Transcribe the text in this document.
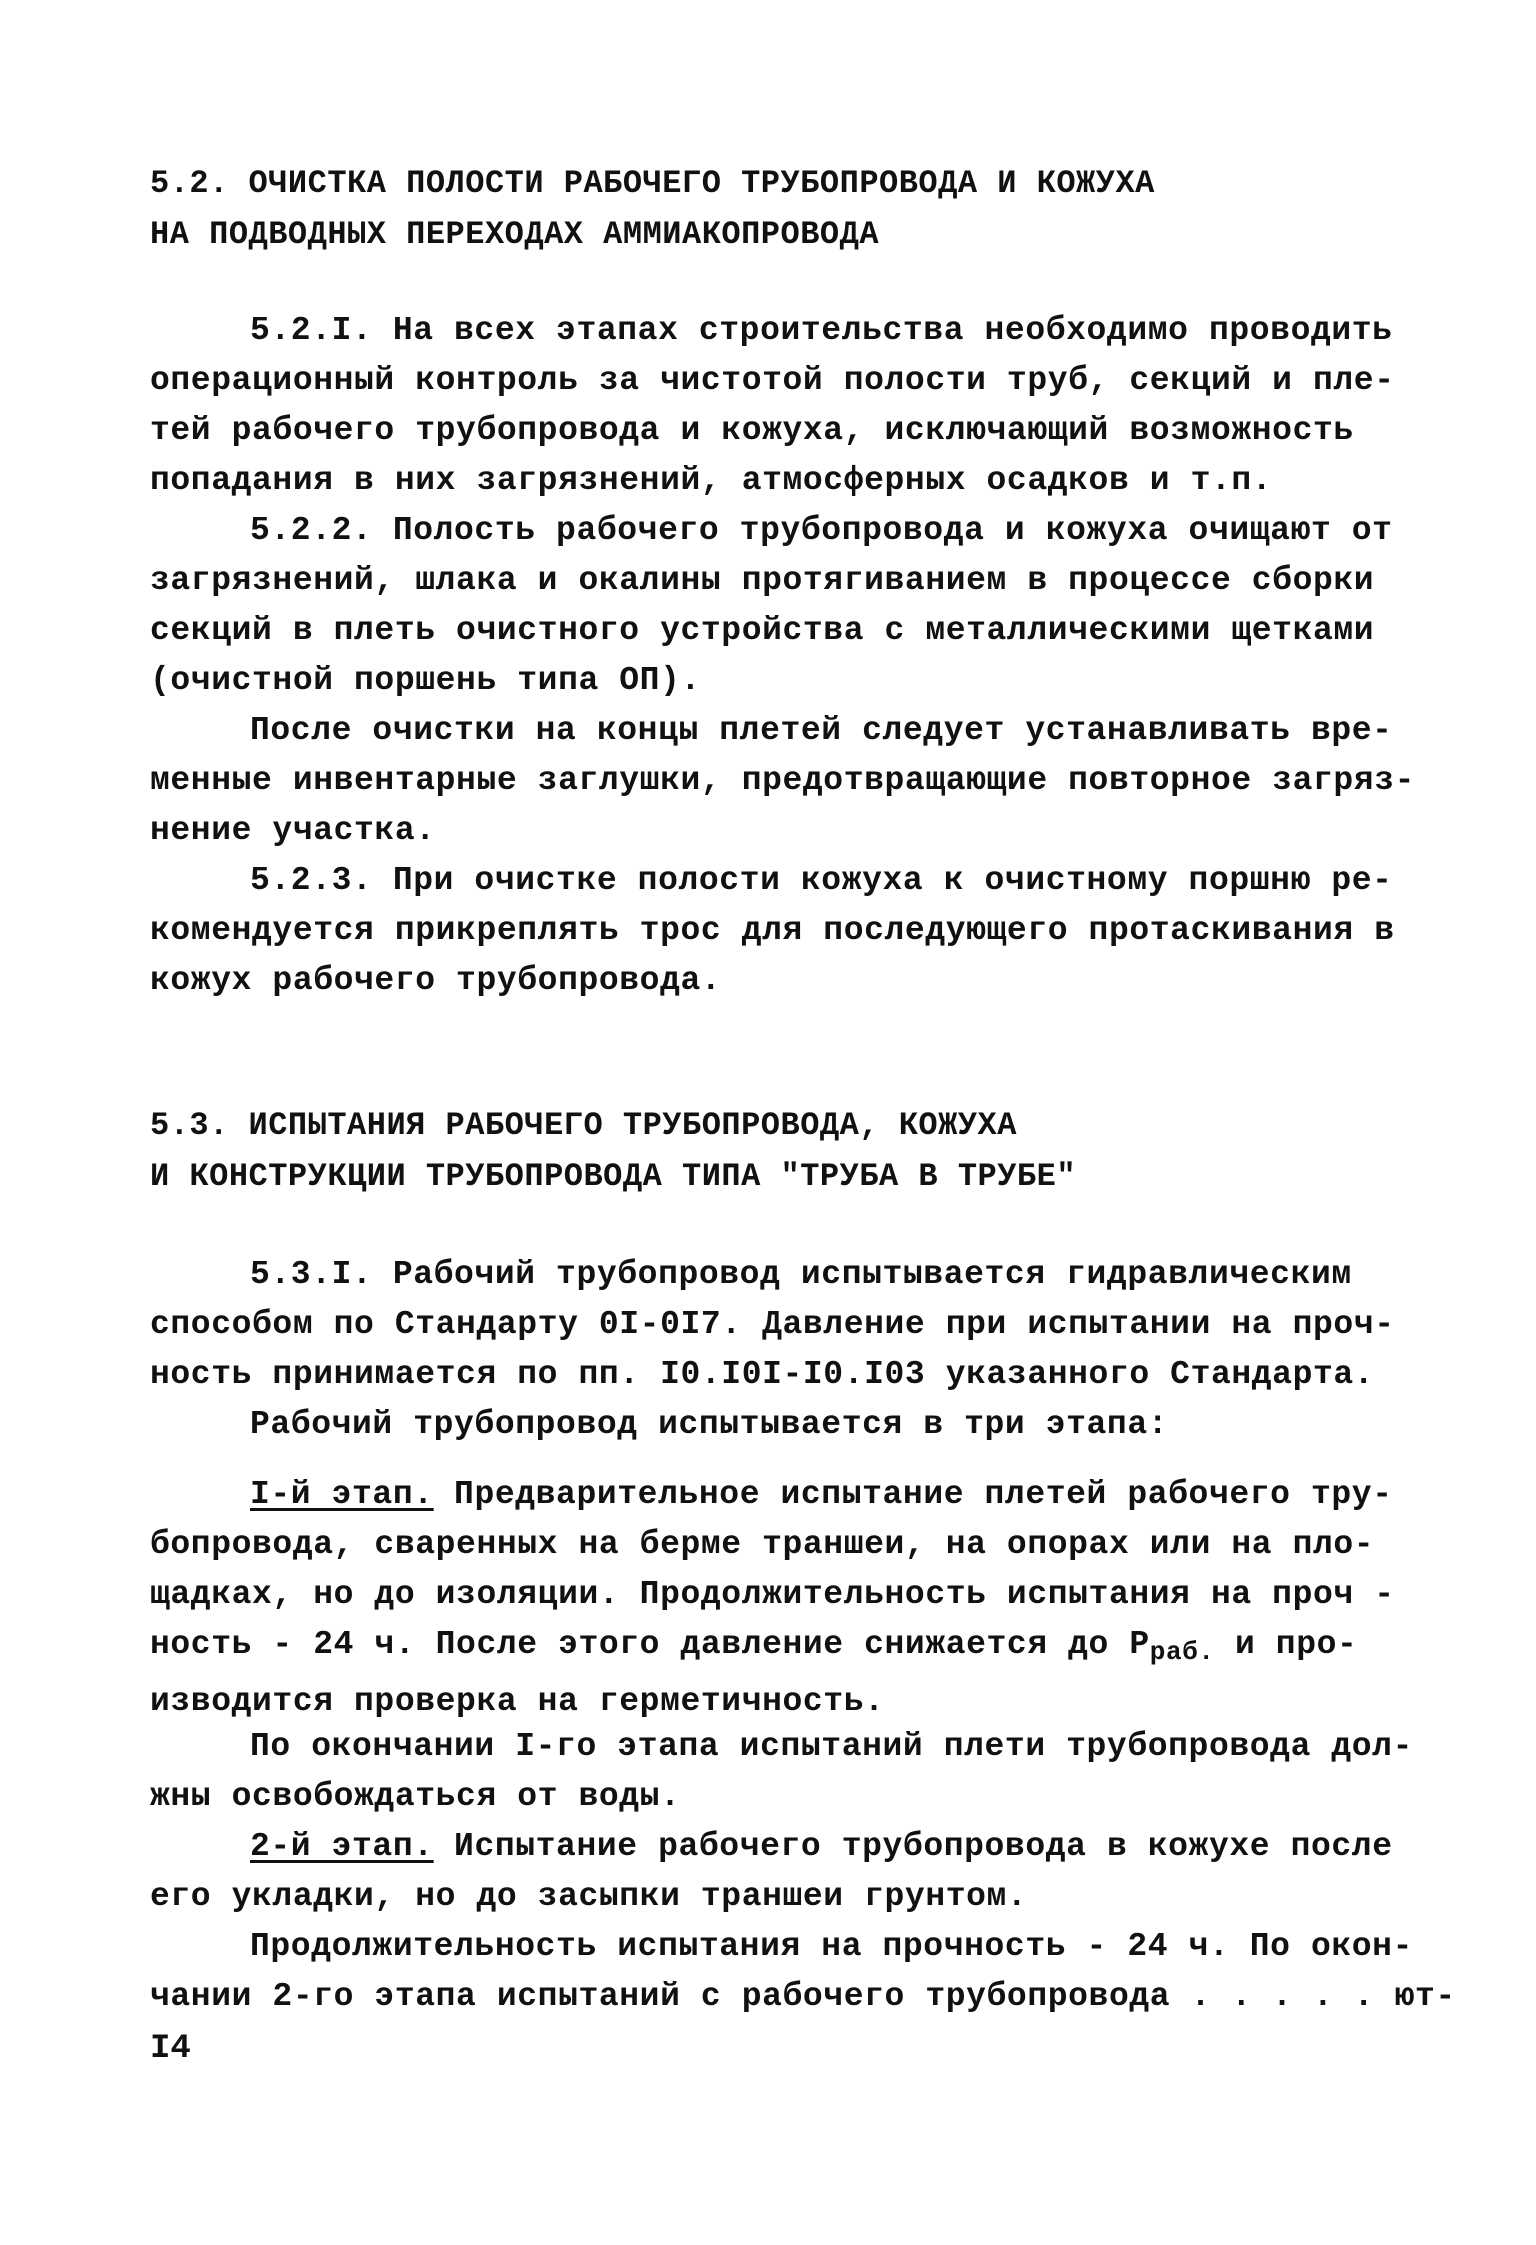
5.2. ОЧИСТКА ПОЛОСТИ РАБОЧЕГО ТРУБОПРОВОДА И КОЖУХА
НА ПОДВОДНЫХ ПЕРЕХОДАХ АММИАКОПРОВОДА
5.2.I. На всех этапах строительства необходимо проводить
операционный контроль за чистотой полости труб, секций и пле-
тей рабочего трубопровода и кожуха, исключающий возможность
попадания в них загрязнений, атмосферных осадков и т.п.
5.2.2. Полость рабочего трубопровода и кожуха очищают от
загрязнений, шлака и окалины протягиванием в процессе сборки
секций в плеть очистного устройства с металлическими щетками
(очистной поршень типа ОП).
После очистки на концы плетей следует устанавливать вре-
менные инвентарные заглушки, предотвращающие повторное загряз-
нение участка.
5.2.3. При очистке полости кожуха к очистному поршню ре-
комендуется прикреплять трос для последующего протаскивания в
кожух рабочего трубопровода.
5.3. ИСПЫТАНИЯ РАБОЧЕГО ТРУБОПРОВОДА, КОЖУХА
И КОНСТРУКЦИИ ТРУБОПРОВОДА ТИПА "ТРУБА В ТРУБЕ"
5.3.I. Рабочий трубопровод испытывается гидравлическим
способом по Стандарту 0I-0I7. Давление при испытании на проч-
ность принимается по пп. I0.I0I-I0.I03 указанного Стандарта.
Рабочий трубопровод испытывается в три этапа:
I-й этап. Предварительное испытание плетей рабочего тру-
бопровода, сваренных на берме траншеи, на опорах или на пло-
щадках, но до изоляции. Продолжительность испытания на проч -
ность - 24 ч. После этого давление снижается до $P_{раб.}$ и про-
изводится проверка на герметичность.
По окончании I-го этапа испытаний плети трубопровода дол-
жны освобождаться от воды.
2-й этап. Испытание рабочего трубопровода в кожухе после
его укладки, но до засыпки траншеи грунтом.
Продолжительность испытания на прочность - 24 ч. По окон-
чании 2-го этапа испытаний с рабочего трубопровода . . . . . ют-
I4
